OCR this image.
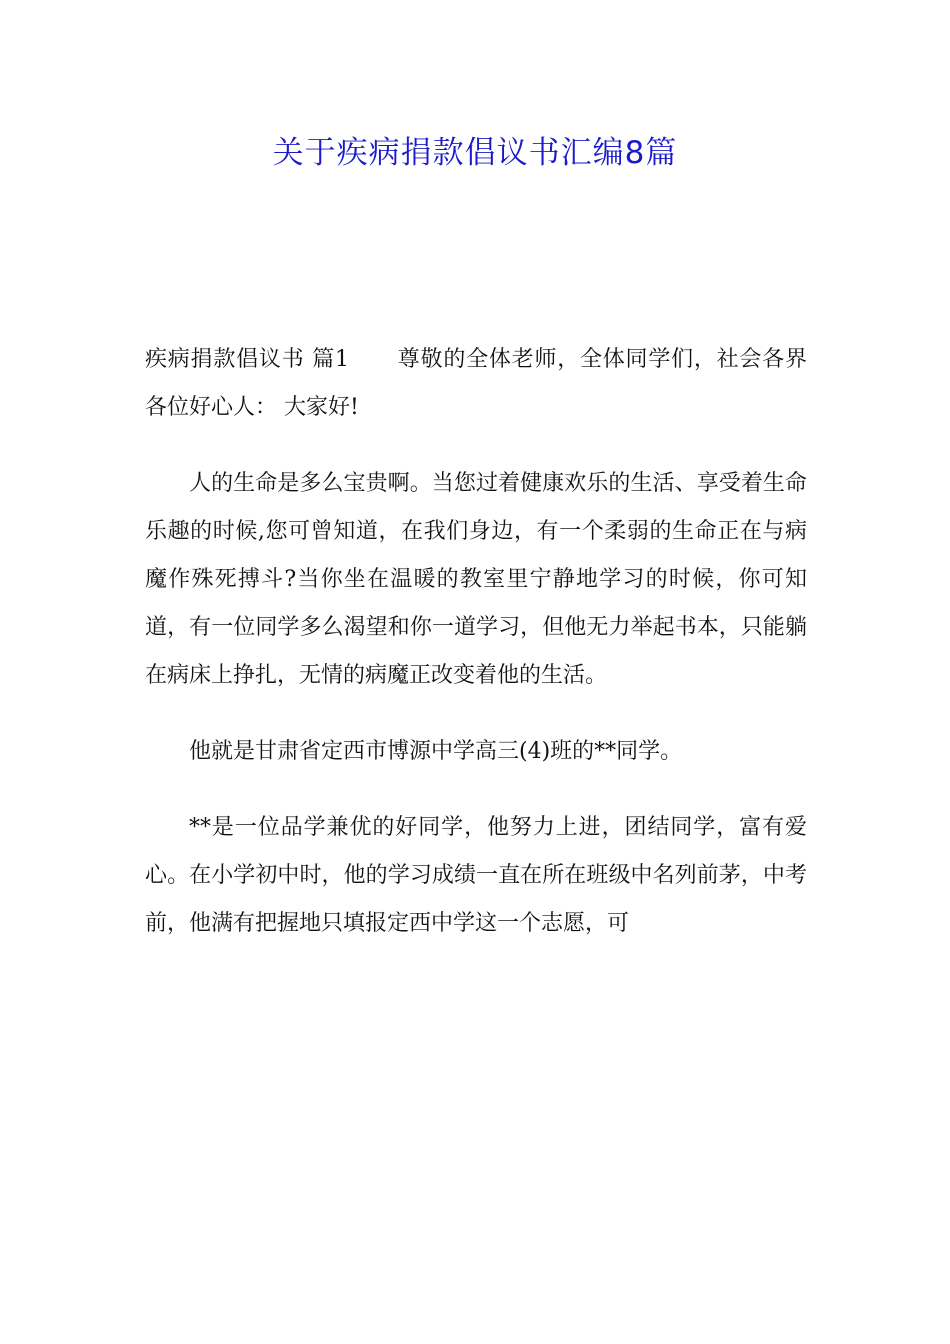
关于疾病捐款倡议书汇编8篇

疾病捐款倡议书 篇1 尊敬的全体老师，全体同学们，社会各界各位好心人： 大家好!

人的生命是多么宝贵啊。当您过着健康欢乐的生活、享受着生命乐趣的时候,您可曾知道，在我们身边，有一个柔弱的生命正在与病魔作殊死搏斗?当你坐在温暖的教室里宁静地学习的时候，你可知道，有一位同学多么渴望和你一道学习，但他无力举起书本，只能躺在病床上挣扎，无情的病魔正改变着他的生活。

他就是甘肃省定西市博源中学高三(4)班的**同学。

**是一位品学兼优的好同学，他努力上进，团结同学，富有爱心。在小学初中时，他的学习成绩一直在所在班级中名列前茅，中考前，他满有把握地只填报定西中学这一个志愿，可
